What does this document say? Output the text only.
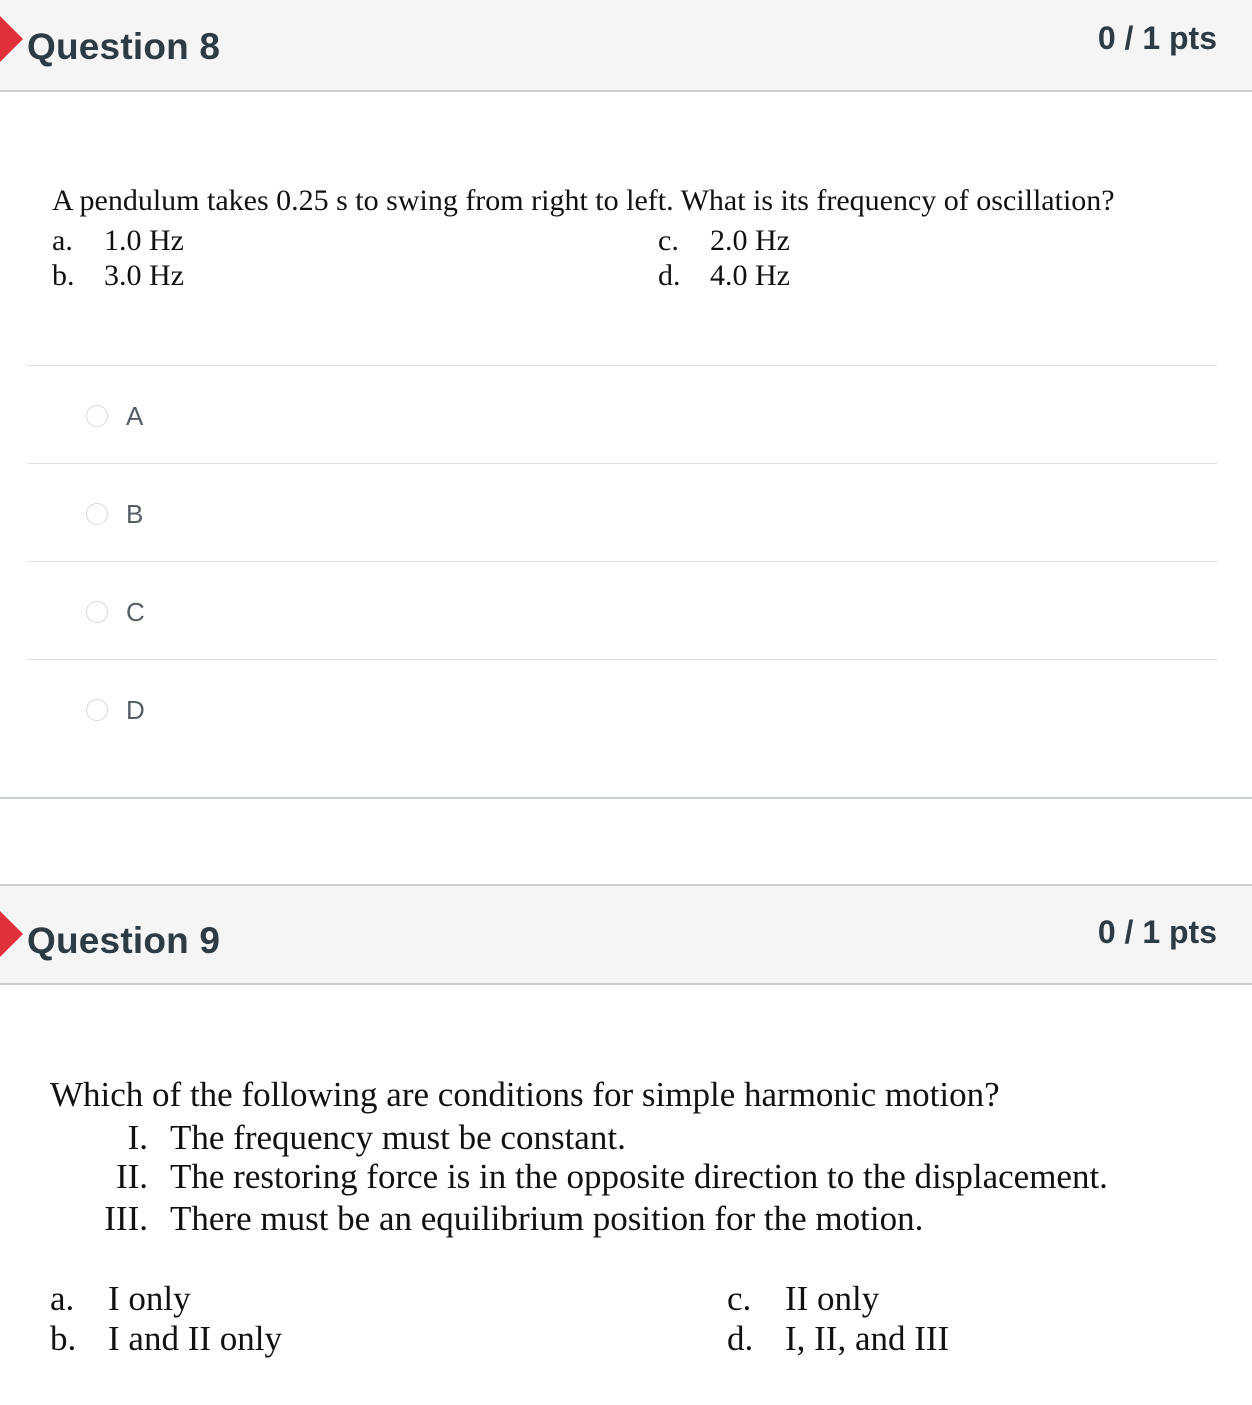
Question 8	0 / 1 pts
A pendulum takes 0.25 s to swing from right to left. What is its frequency of oscillation?
a. 1.0 Hz
b. 3.0 Hz
c. 2.0 Hz
d. 4.0 Hz
A
B
C
D
Question 9	0 / 1 pts
Which of the following are conditions for simple harmonic motion?
I. The frequency must be constant.
II. The restoring force is in the opposite direction to the displacement.
III. There must be an equilibrium position for the motion.
a. I only
b. I and II only
c. II only
d. I, II, and III
